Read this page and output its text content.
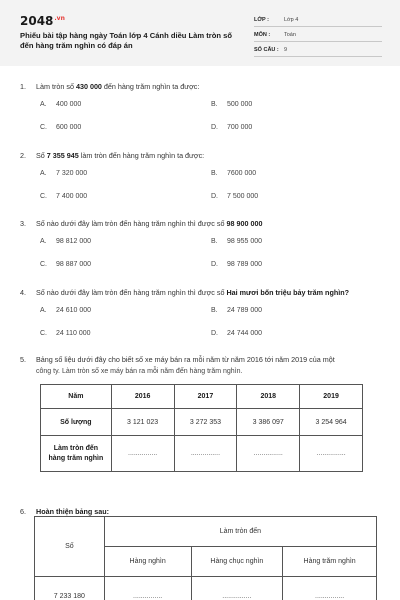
$2048^{.vn}$
Phiếu bài tập hàng ngày Toán lớp 4 Cánh diều Làm tròn số đến hàng trăm nghìn có đáp án
LỚP :	Lớp 4
MÔN :	Toán
SỐ CÂU : 9
1. Làm tròn số 430 000 đến hàng trăm nghìn ta được:
A. 400 000	B. 500 000
C. 600 000	D. 700 000
2. Số 7 355 945 làm tròn đến hàng trăm nghìn ta được:
A. 7 320 000	B. 7600 000
C. 7 400 000	D. 7 500 000
3. Số nào dưới đây làm tròn đến hàng trăm nghìn thì được số 98 900 000
A. 98 812 000	B. 98 955 000
C. 98 887 000	D. 98 789 000
4. Số nào dưới đây làm tròn đến hàng trăm nghìn thì được số Hai mươi bốn triệu bảy trăm nghìn?
A. 24 610 000	B. 24 789 000
C. 24 110 000	D. 24 744 000
5. Bảng số liệu dưới đây cho biết số xe máy bán ra mỗi năm từ năm 2016 tới năm 2019 của một
công ty. Làm tròn số xe máy bán ra mỗi năm đến hàng trăm nghìn.
Năm	2016	2017	2018	2019
Số lượng	3 121 023	3 272 353	3 386 097	3 254 964
Làm tròn đến
hàng trăm nghìn	...............	...............	...............	...............
6. Hoàn thiện bảng sau:
Số	Làm tròn đến		
	Hàng nghìn	Hàng chục nghìn	Hàng trăm nghìn
7 233 180	...............	...............	...............
